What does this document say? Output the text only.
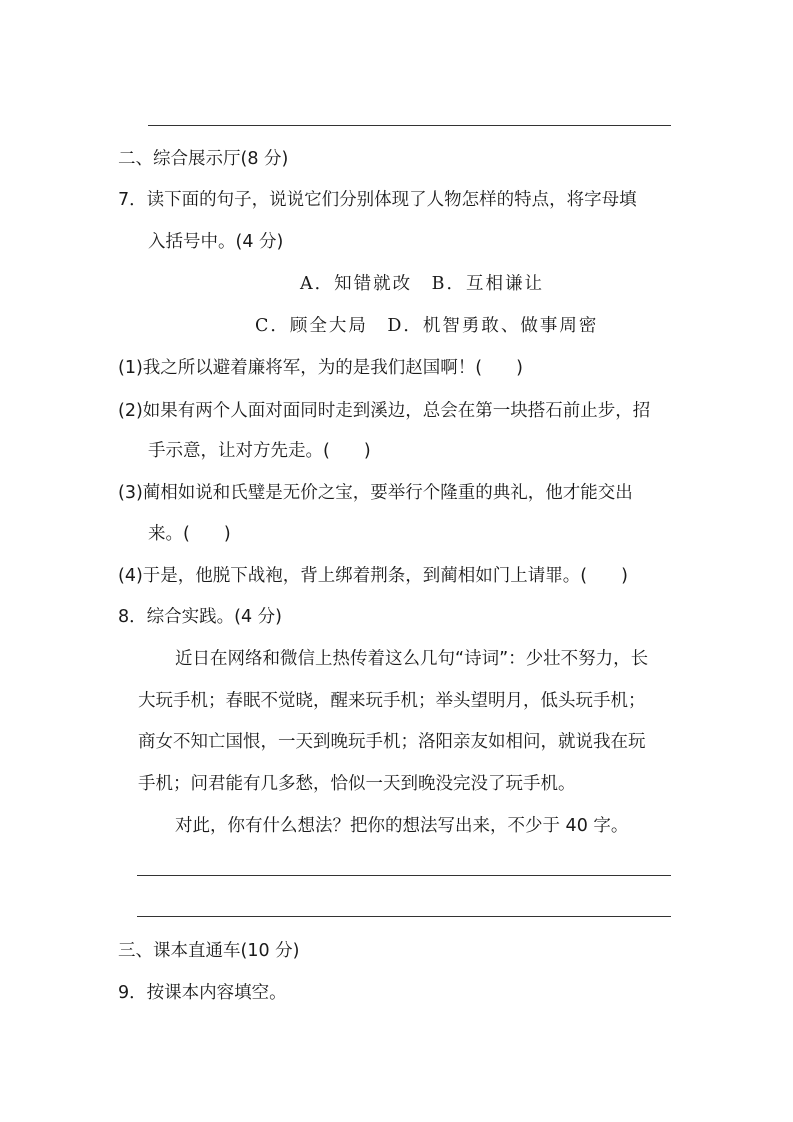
二、综合展示厅(8 分)
7．读下面的句子，说说它们分别体现了人物怎样的特点，将字母填
入括号中。(4 分)
A．知错就改　B．互相谦让
C．顾全大局　D．机智勇敢、做事周密
(1)我之所以避着廉将军，为的是我们赵国啊！( )
(2)如果有两个人面对面同时走到溪边，总会在第一块搭石前止步，招
手示意，让对方先走。( )
(3)蔺相如说和氏璧是无价之宝，要举行个隆重的典礼，他才能交出
来。( )
(4)于是，他脱下战袍，背上绑着荆条，到蔺相如门上请罪。( )
8．综合实践。(4 分)
近日在网络和微信上热传着这么几句“诗词”：少壮不努力，长
大玩手机；春眠不觉晓，醒来玩手机；举头望明月，低头玩手机；
商女不知亡国恨，一天到晚玩手机；洛阳亲友如相问，就说我在玩
手机；问君能有几多愁，恰似一天到晚没完没了玩手机。
对此，你有什么想法？把你的想法写出来，不少于 40 字。
三、课本直通车(10 分)
9．按课本内容填空。
